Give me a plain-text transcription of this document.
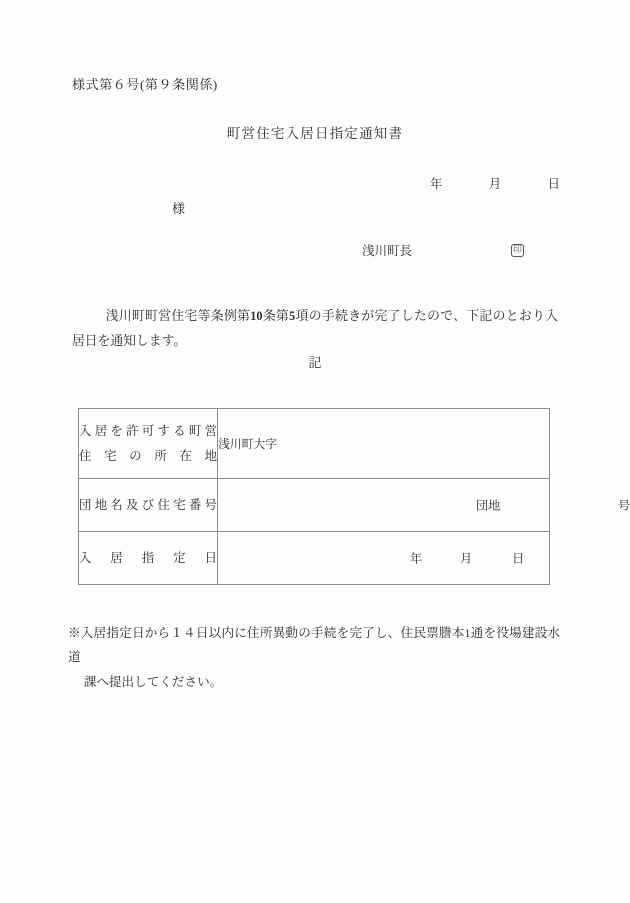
様式第６号(第９条関係)
町営住宅入居日指定通知書
年	月	日
様
浅川町長	印

　浅川町町営住宅等条例第10条第5項の手続きが完了したので、下記のとおり入居日を通知します。

記
入居を許可する町営
住宅の所在地	浅川町大字

団地名及び住宅番号	団地 号

入居指定日	年 月 日

※入居指定日から１４日以内に住所異動の手続を完了し、住民票謄本1通を役場建設水道
課へ提出してください。
